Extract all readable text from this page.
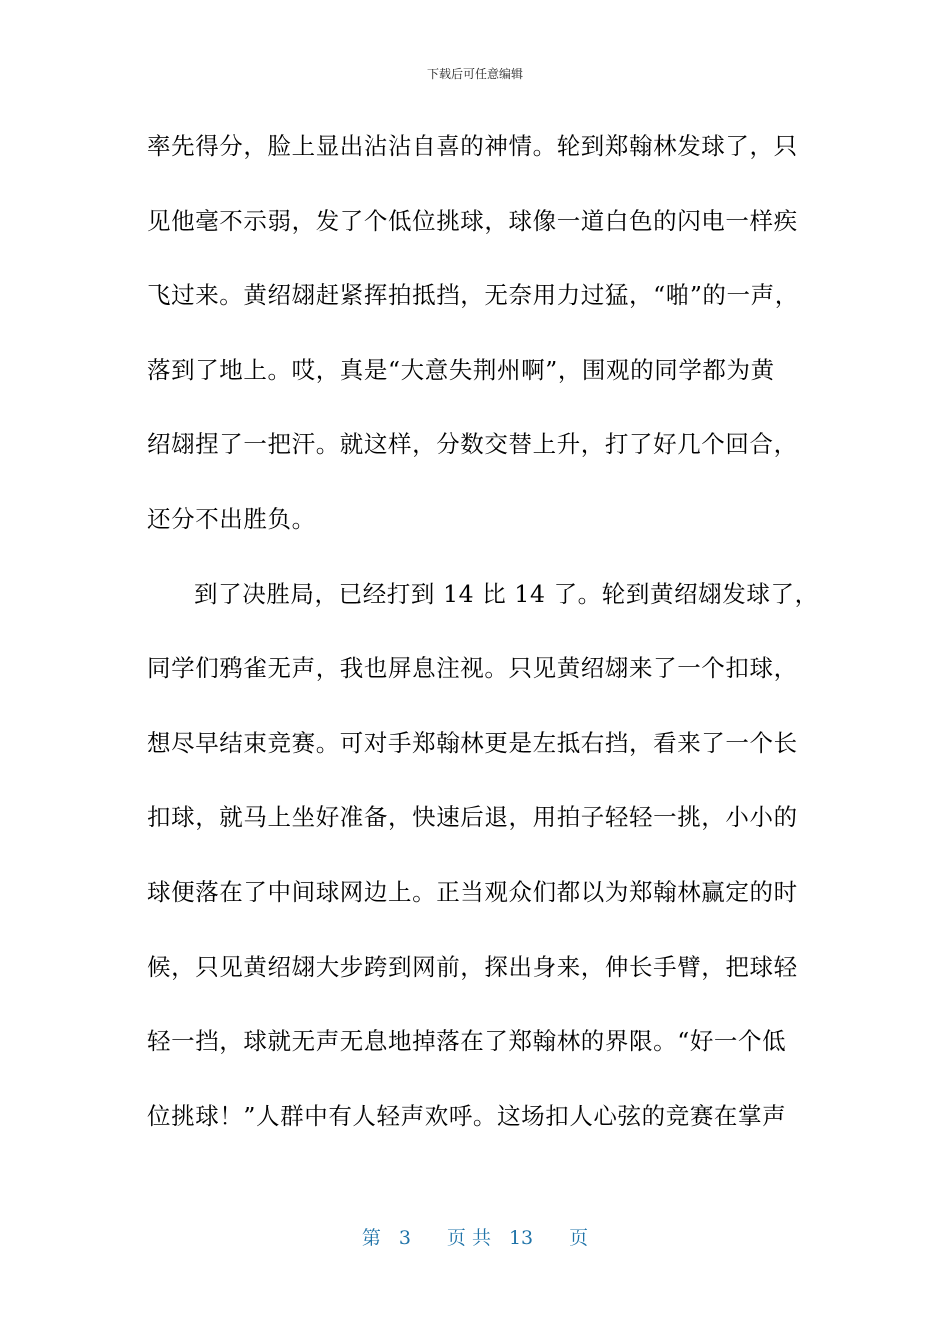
下载后可任意编辑
率先得分，脸上显出沾沾自喜的神情。轮到郑翰林发球了，只
见他毫不示弱，发了个低位挑球，球像一道白色的闪电一样疾
飞过来。黄绍翃赶紧挥拍抵挡，无奈用力过猛，“啪”的一声，
落到了地上。哎，真是“大意失荆州啊”，围观的同学都为黄
绍翃捏了一把汗。就这样，分数交替上升，打了好几个回合，
还分不出胜负。
到了决胜局，已经打到 14 比 14 了。轮到黄绍翃发球了，
同学们鸦雀无声，我也屏息注视。只见黄绍翃来了一个扣球，
想尽早结束竞赛。可对手郑翰林更是左抵右挡，看来了一个长
扣球，就马上坐好准备，快速后退，用拍子轻轻一挑，小小的
球便落在了中间球网边上。正当观众们都以为郑翰林赢定的时
候，只见黄绍翃大步跨到网前，探出身来，伸长手臂，把球轻
轻一挡，球就无声无息地掉落在了郑翰林的界限。“好一个低
位挑球！”人群中有人轻声欢呼。这场扣人心弦的竞赛在掌声
第 3 页 共 13 页
